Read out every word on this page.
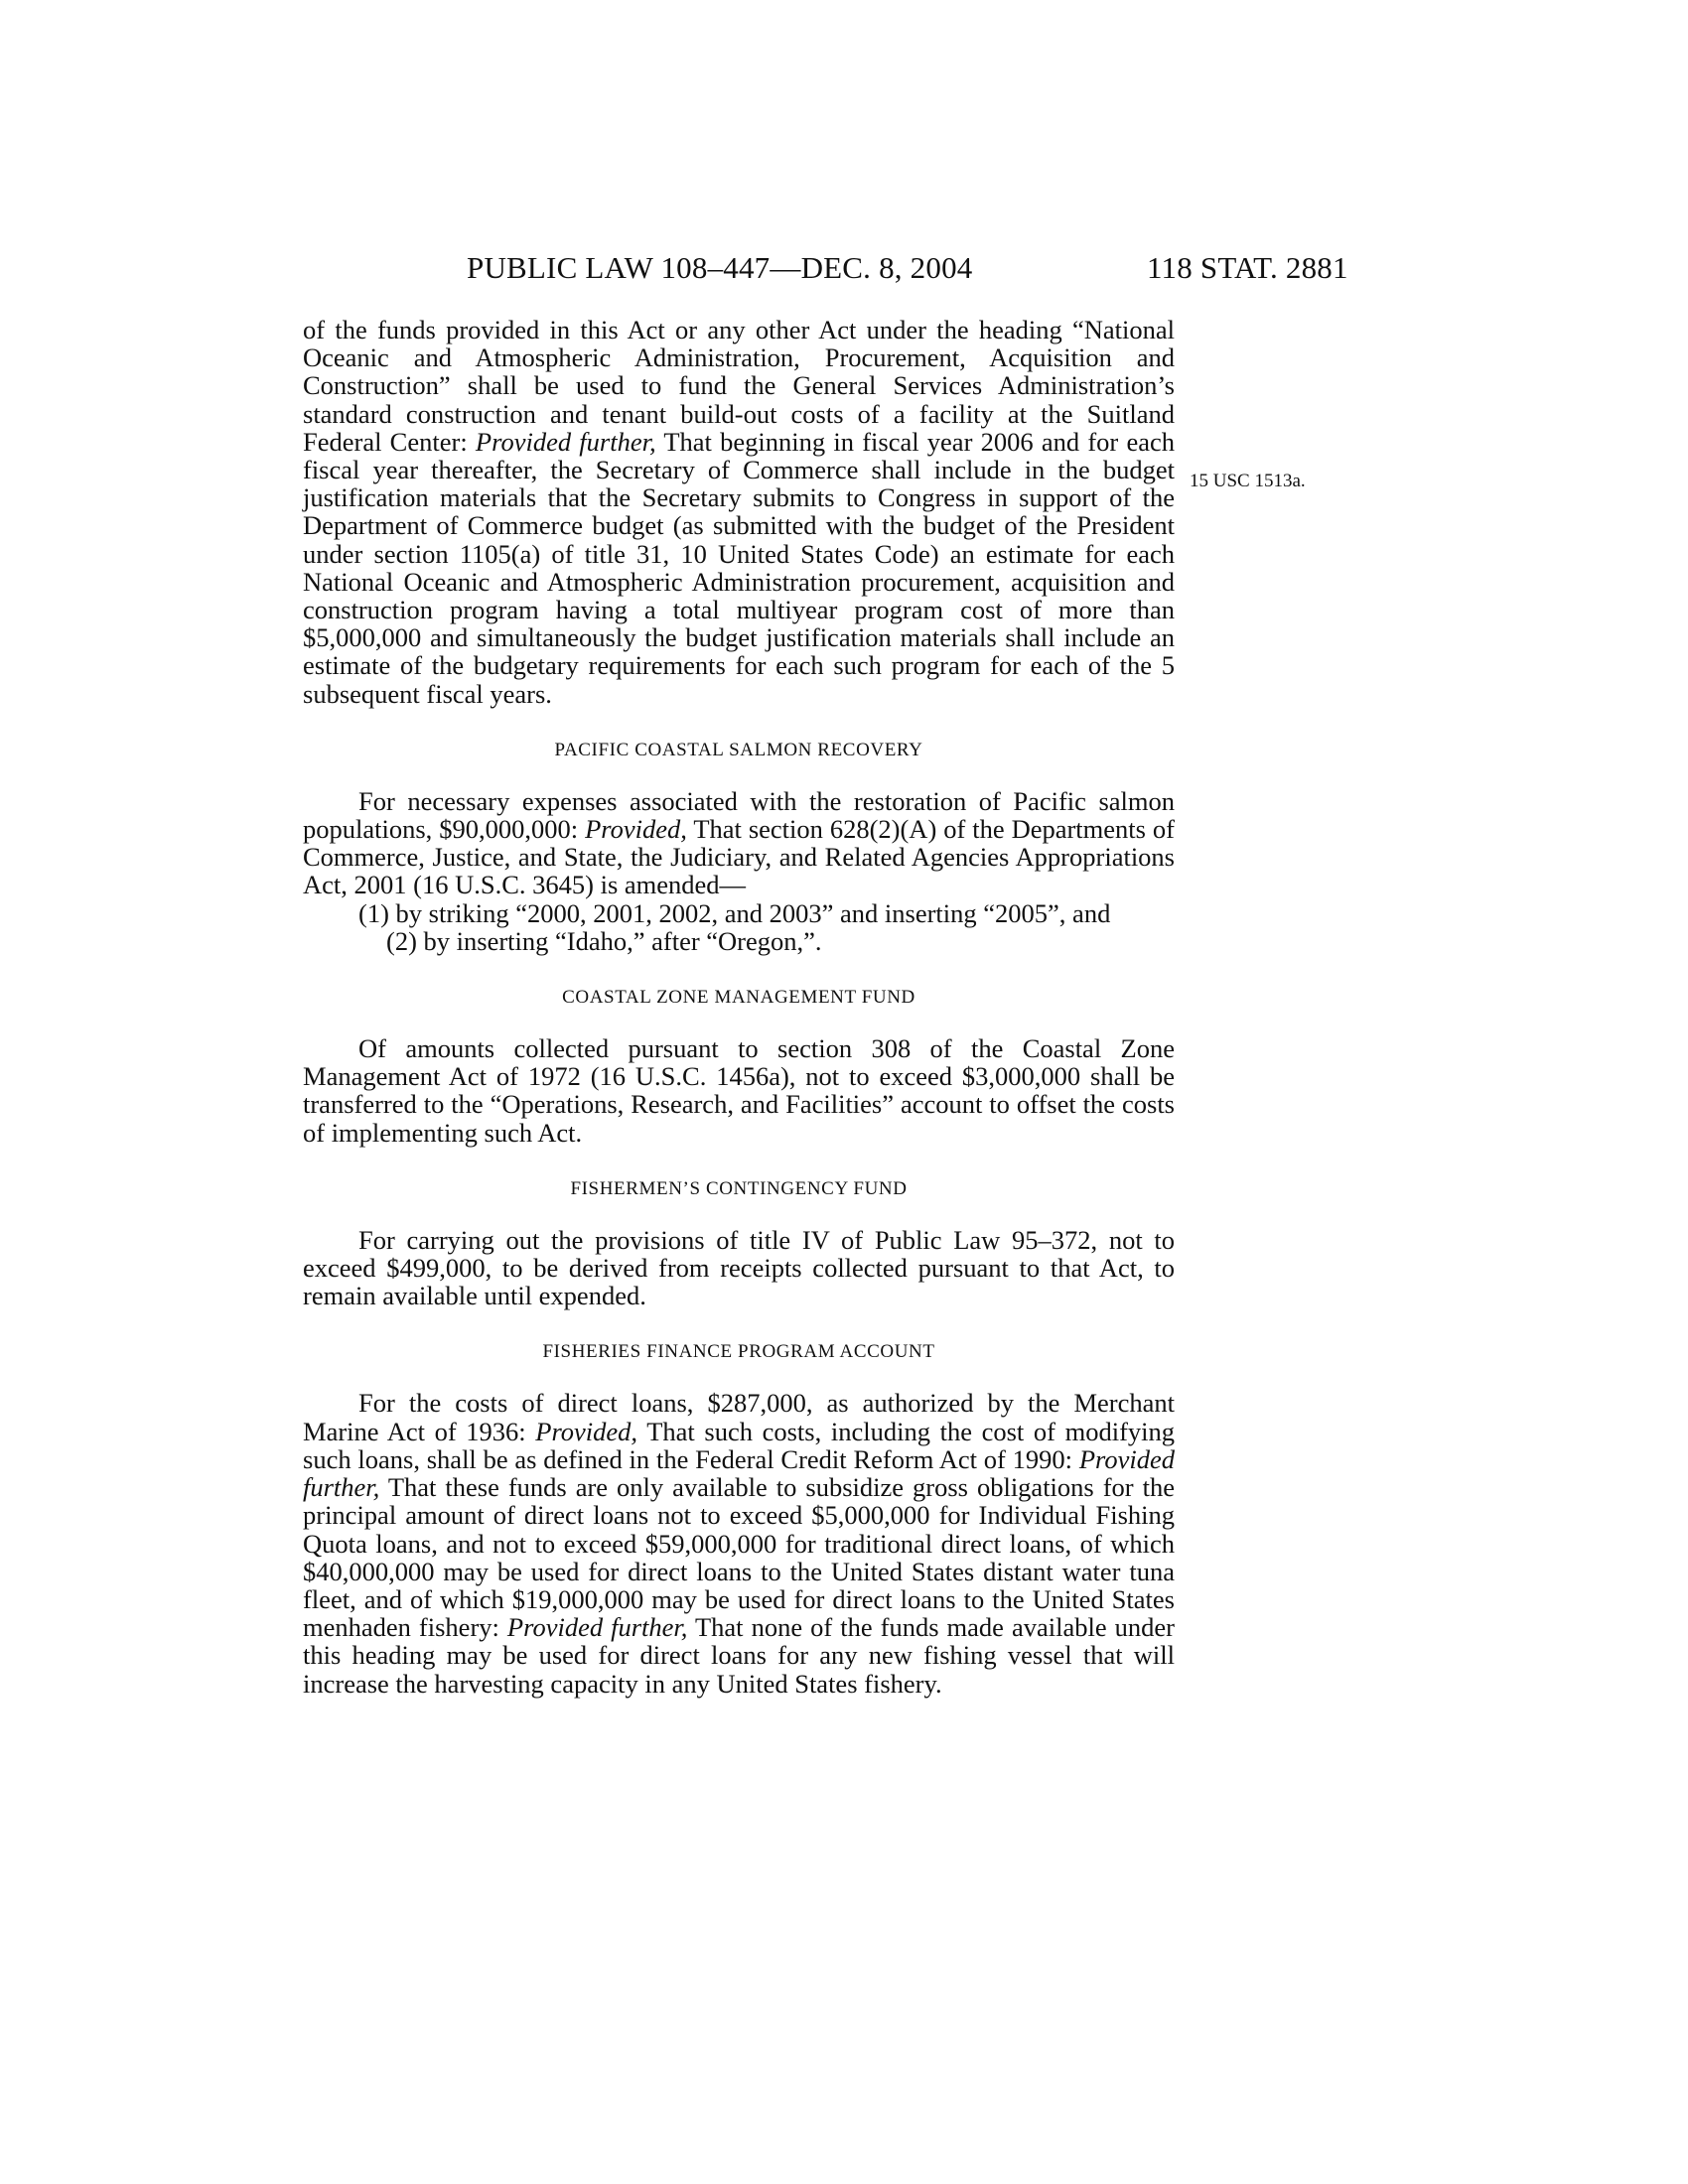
PUBLIC LAW 108–447—DEC. 8, 2004	118 STAT. 2881
15 USC 1513a.

of the funds provided in this Act or any other Act under the heading “National Oceanic and Atmospheric Administration, Procurement, Acquisition and Construction” shall be used to fund the General Services Administration’s standard construction and tenant build-out costs of a facility at the Suitland Federal Center: Provided further, That beginning in fiscal year 2006 and for each fiscal year thereafter, the Secretary of Commerce shall include in the budget justification materials that the Secretary submits to Congress in support of the Department of Commerce budget (as submitted with the budget of the President under section 1105(a) of title 31, 10 United States Code) an estimate for each National Oceanic and Atmospheric Administration procurement, acquisition and construction program having a total multiyear program cost of more than $5,000,000 and simultaneously the budget justification materials shall include an estimate of the budgetary requirements for each such program for each of the 5 subsequent fiscal years.

PACIFIC COASTAL SALMON RECOVERY

For necessary expenses associated with the restoration of Pacific salmon populations, $90,000,000: Provided, That section 628(2)(A) of the Departments of Commerce, Justice, and State, the Judiciary, and Related Agencies Appropriations Act, 2001 (16 U.S.C. 3645) is amended—

(1) by striking “2000, 2001, 2002, and 2003” and inserting “2005”, and

(2) by inserting “Idaho,” after “Oregon,”.

COASTAL ZONE MANAGEMENT FUND

Of amounts collected pursuant to section 308 of the Coastal Zone Management Act of 1972 (16 U.S.C. 1456a), not to exceed $3,000,000 shall be transferred to the “Operations, Research, and Facilities” account to offset the costs of implementing such Act.

FISHERMEN’S CONTINGENCY FUND

For carrying out the provisions of title IV of Public Law 95–372, not to exceed $499,000, to be derived from receipts collected pursuant to that Act, to remain available until expended.

FISHERIES FINANCE PROGRAM ACCOUNT

For the costs of direct loans, $287,000, as authorized by the Merchant Marine Act of 1936: Provided, That such costs, including the cost of modifying such loans, shall be as defined in the Federal Credit Reform Act of 1990: Provided further, That these funds are only available to subsidize gross obligations for the principal amount of direct loans not to exceed $5,000,000 for Individual Fishing Quota loans, and not to exceed $59,000,000 for traditional direct loans, of which $40,000,000 may be used for direct loans to the United States distant water tuna fleet, and of which $19,000,000 may be used for direct loans to the United States menhaden fishery: Provided further, That none of the funds made available under this heading may be used for direct loans for any new fishing vessel that will increase the harvesting capacity in any United States fishery.
